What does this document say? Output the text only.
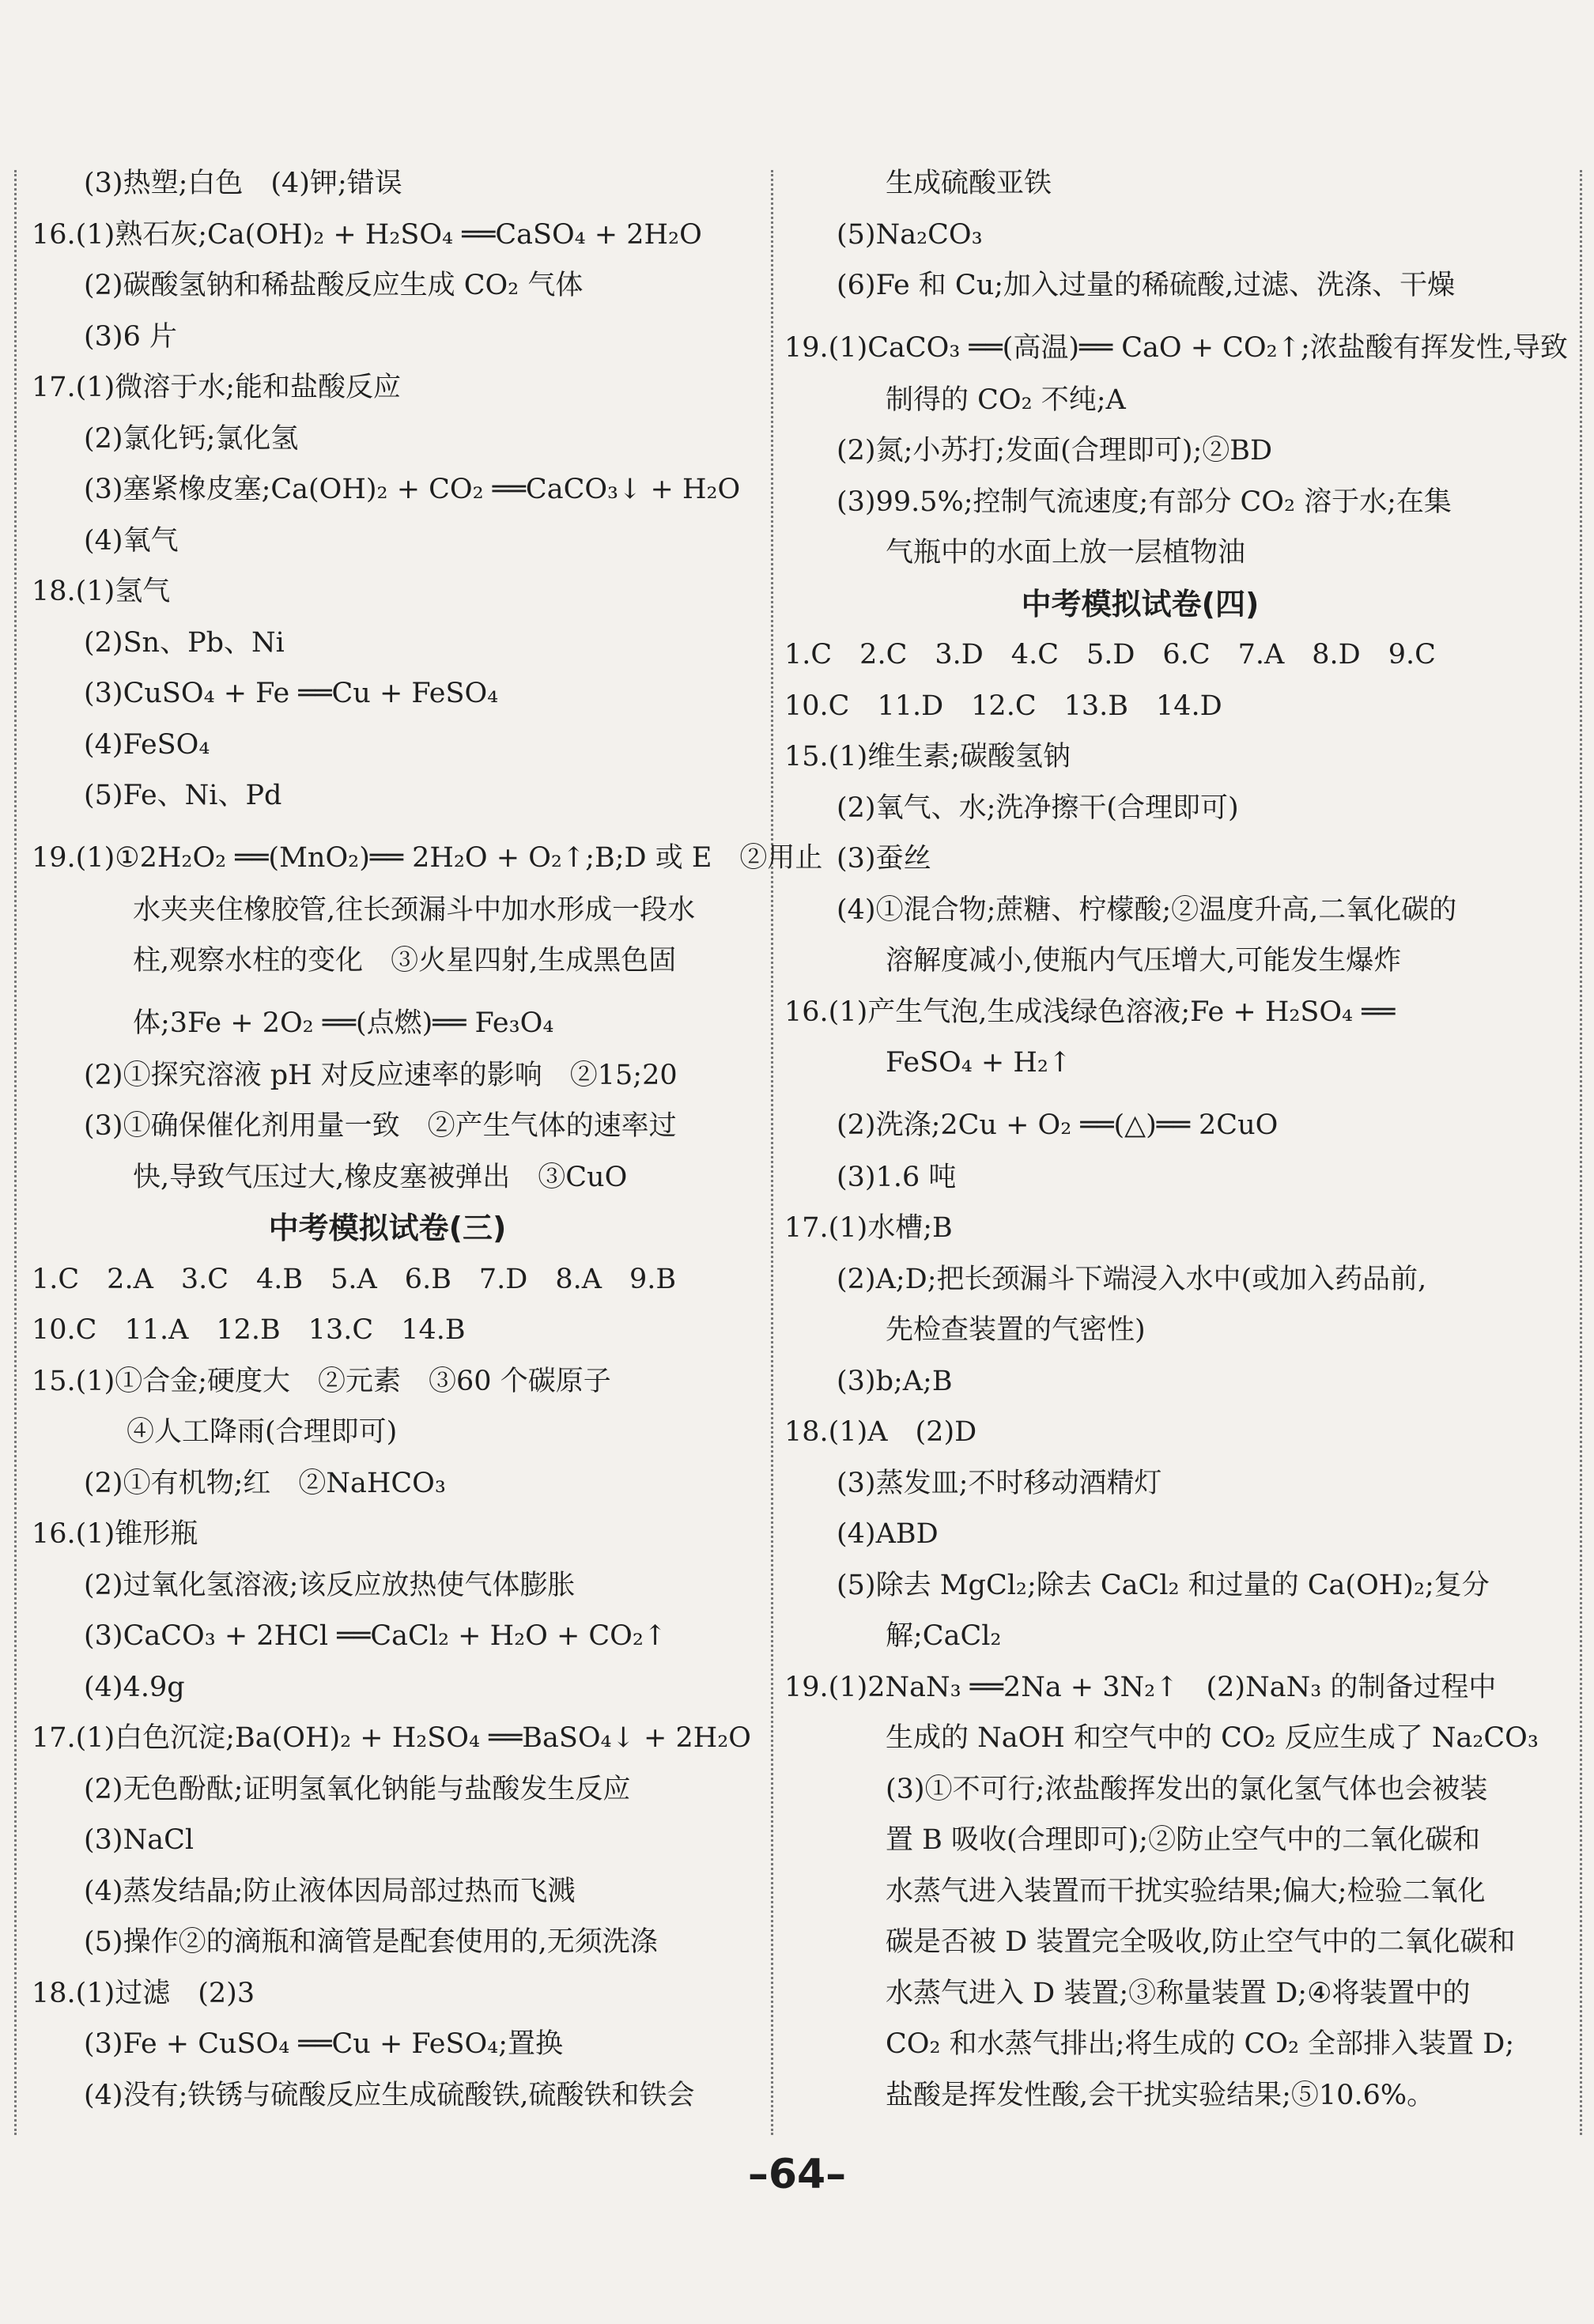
(3)热塑;白色　(4)钾;错误
16.(1)熟石灰;Ca(OH)₂ + H₂SO₄ ══CaSO₄ + 2H₂O
(2)碳酸氢钠和稀盐酸反应生成 CO₂ 气体
(3)6 片
17.(1)微溶于水;能和盐酸反应
(2)氯化钙;氯化氢
(3)塞紧橡皮塞;Ca(OH)₂ + CO₂ ══CaCO₃↓ + H₂O
(4)氧气
18.(1)氢气
(2)Sn、Pb、Ni
(3)CuSO₄ + Fe ══Cu + FeSO₄
(4)FeSO₄
(5)Fe、Ni、Pd
19.(1)①2H₂O₂ ══(MnO₂)══ 2H₂O + O₂↑;B;D 或 E　②用止
水夹夹住橡胶管,往长颈漏斗中加水形成一段水
柱,观察水柱的变化　③火星四射,生成黑色固
体;3Fe + 2O₂ ══(点燃)══ Fe₃O₄
(2)①探究溶液 pH 对反应速率的影响　②15;20
(3)①确保催化剂用量一致　②产生气体的速率过
快,导致气压过大,橡皮塞被弹出　③CuO
中考模拟试卷(三)
1.C　2.A　3.C　4.B　5.A　6.B　7.D　8.A　9.B
10.C　11.A　12.B　13.C　14.B
15.(1)①合金;硬度大　②元素　③60 个碳原子
④人工降雨(合理即可)
(2)①有机物;红　②NaHCO₃
16.(1)锥形瓶
(2)过氧化氢溶液;该反应放热使气体膨胀
(3)CaCO₃ + 2HCl ══CaCl₂ + H₂O + CO₂↑
(4)4.9g
17.(1)白色沉淀;Ba(OH)₂ + H₂SO₄ ══BaSO₄↓ + 2H₂O
(2)无色酚酞;证明氢氧化钠能与盐酸发生反应
(3)NaCl
(4)蒸发结晶;防止液体因局部过热而飞溅
(5)操作②的滴瓶和滴管是配套使用的,无须洗涤
18.(1)过滤　(2)3
(3)Fe + CuSO₄ ══Cu + FeSO₄;置换
(4)没有;铁锈与硫酸反应生成硫酸铁,硫酸铁和铁会
生成硫酸亚铁
(5)Na₂CO₃
(6)Fe 和 Cu;加入过量的稀硫酸,过滤、洗涤、干燥
19.(1)CaCO₃ ══(高温)══ CaO + CO₂↑;浓盐酸有挥发性,导致
制得的 CO₂ 不纯;A
(2)氮;小苏打;发面(合理即可);②BD
(3)99.5%;控制气流速度;有部分 CO₂ 溶于水;在集
气瓶中的水面上放一层植物油
中考模拟试卷(四)
1.C　2.C　3.D　4.C　5.D　6.C　7.A　8.D　9.C
10.C　11.D　12.C　13.B　14.D
15.(1)维生素;碳酸氢钠
(2)氧气、水;洗净擦干(合理即可)
(3)蚕丝
(4)①混合物;蔗糖、柠檬酸;②温度升高,二氧化碳的
溶解度减小,使瓶内气压增大,可能发生爆炸
16.(1)产生气泡,生成浅绿色溶液;Fe + H₂SO₄ ══
FeSO₄ + H₂↑
(2)洗涤;2Cu + O₂ ══(△)══ 2CuO
(3)1.6 吨
17.(1)水槽;B
(2)A;D;把长颈漏斗下端浸入水中(或加入药品前,
先检查装置的气密性)
(3)b;A;B
18.(1)A　(2)D
(3)蒸发皿;不时移动酒精灯
(4)ABD
(5)除去 MgCl₂;除去 CaCl₂ 和过量的 Ca(OH)₂;复分
解;CaCl₂
19.(1)2NaN₃ ══2Na + 3N₂↑　(2)NaN₃ 的制备过程中
生成的 NaOH 和空气中的 CO₂ 反应生成了 Na₂CO₃
(3)①不可行;浓盐酸挥发出的氯化氢气体也会被装
置 B 吸收(合理即可);②防止空气中的二氧化碳和
水蒸气进入装置而干扰实验结果;偏大;检验二氧化
碳是否被 D 装置完全吸收,防止空气中的二氧化碳和
水蒸气进入 D 装置;③称量装置 D;④将装置中的
CO₂ 和水蒸气排出;将生成的 CO₂ 全部排入装置 D;
盐酸是挥发性酸,会干扰实验结果;⑤10.6%。
–64–
